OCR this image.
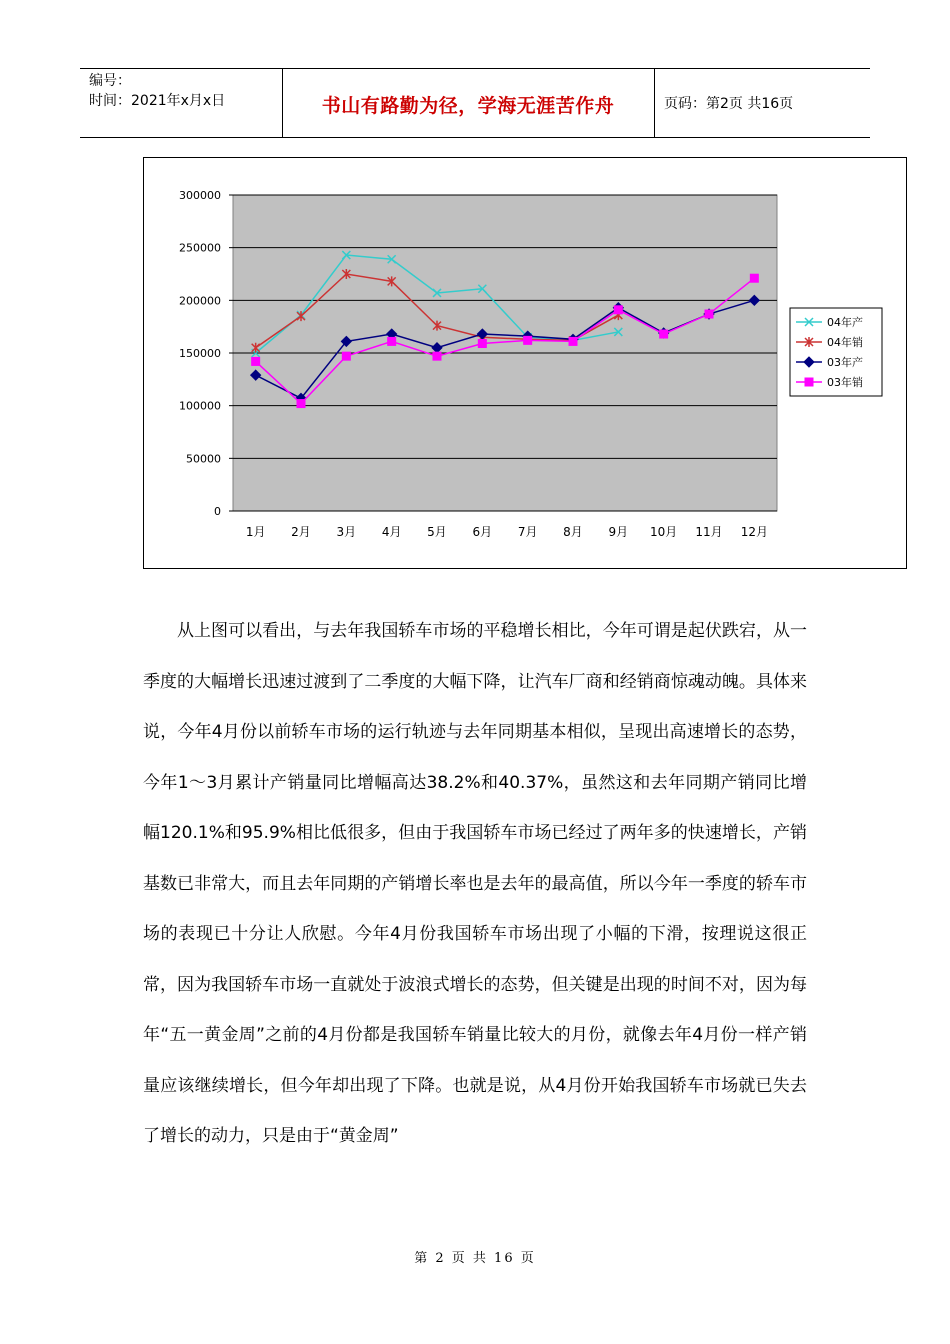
编号：
时间：2021年x月x日	书山有路勤为径，学海无涯苦作舟	页码：第2页 共16页
0
50000
100000
150000
200000
250000
300000
1月 2月 3月 4月 5月 6月 7月 8月 9月 10月 11月 12月
04年产
04年销
03年产
03年销

从上图可以看出，与去年我国轿车市场的平稳增长相比，今年可谓是起伏跌宕，从一季度的大幅增长迅速过渡到了二季度的大幅下降，让汽车厂商和经销商惊魂动魄。具体来说，今年4月份以前轿车市场的运行轨迹与去年同期基本相似，呈现出高速增长的态势，今年1～3月累计产销量同比增幅高达38.2%和40.37%，虽然这和去年同期产销同比增幅120.1%和95.9%相比低很多，但由于我国轿车市场已经过了两年多的快速增长，产销基数已非常大，而且去年同期的产销增长率也是去年的最高值，所以今年一季度的轿车市场的表现已十分让人欣慰。今年4月份我国轿车市场出现了小幅的下滑，按理说这很正常，因为我国轿车市场一直就处于波浪式增长的态势，但关键是出现的时间不对，因为每年“五一黄金周”之前的4月份都是我国轿车销量比较大的月份，就像去年4月份一样产销量应该继续增长，但今年却出现了下降。也就是说，从4月份开始我国轿车市场就已失去了增长的动力，只是由于“黄金周”

第 2 页 共 16 页
